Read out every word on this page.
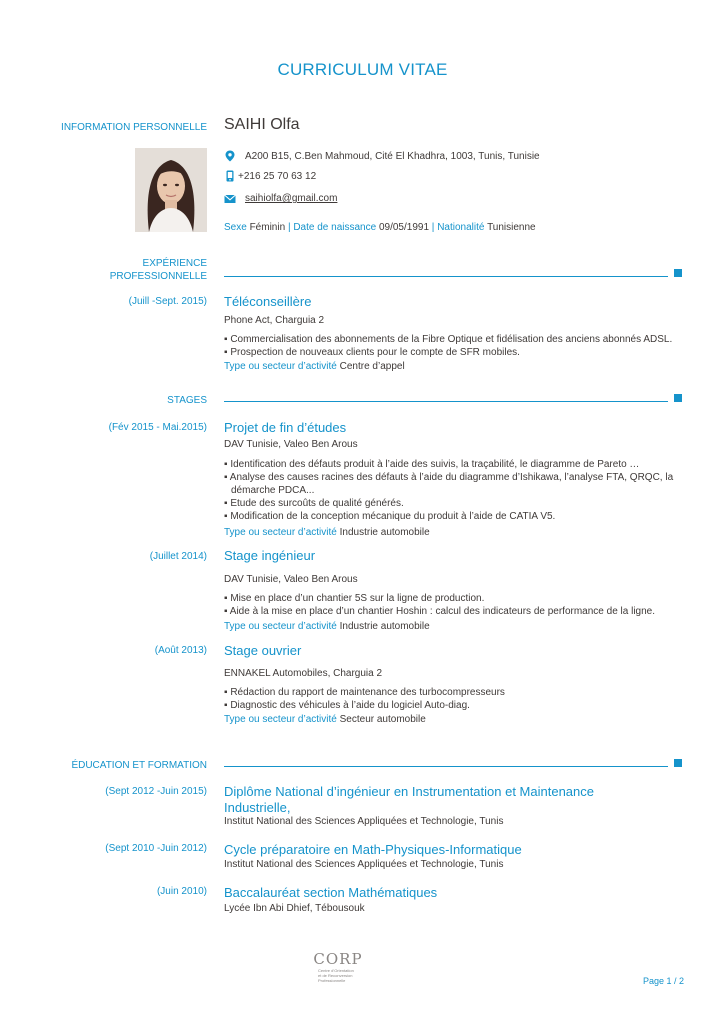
CURRICULUM VITAE
INFORMATION PERSONNELLE SAIHI Olfa
A200 B15, C.Ben Mahmoud, Cité El Khadhra, 1003, Tunis, Tunisie
+216 25 70 63 12
saihiolfa@gmail.com
Sexe Féminin | Date de naissance 09/05/1991 | Nationalité Tunisienne
EXPÉRIENCE
PROFESSIONNELLE
(Juill -Sept. 2015) Téléconseillère
Phone Act, Charguia 2
▪ Commercialisation des abonnements de la Fibre Optique et fidélisation des anciens abonnés ADSL.
▪ Prospection de nouveaux clients pour le compte de SFR mobiles.
Type ou secteur d’activité Centre d’appel
STAGES
(Fév 2015 - Mai.2015) Projet de fin d’études
DAV Tunisie, Valeo Ben Arous
▪ Identification des défauts produit à l’aide des suivis, la traçabilité, le diagramme de Pareto …
▪ Analyse des causes racines des défauts à l’aide du diagramme d’Ishikawa, l’analyse FTA, QRQC, la démarche PDCA...
▪ Etude des surcoûts de qualité générés.
▪ Modification de la conception mécanique du produit à l’aide de CATIA V5.
Type ou secteur d’activité Industrie automobile
(Juillet 2014) Stage ingénieur
DAV Tunisie, Valeo Ben Arous
▪ Mise en place d’un chantier 5S sur la ligne de production.
▪ Aide à la mise en place d’un chantier Hoshin : calcul des indicateurs de performance de la ligne.
Type ou secteur d’activité Industrie automobile
(Août 2013) Stage ouvrier
ENNAKEL Automobiles, Charguia 2
▪ Rédaction du rapport de maintenance des turbocompresseurs
▪ Diagnostic des véhicules à l’aide du logiciel Auto-diag.
Type ou secteur d’activité Secteur automobile
ÉDUCATION ET FORMATION
(Sept 2012 -Juin 2015) Diplôme National d’ingénieur en Instrumentation et Maintenance
Industrielle,
Institut National des Sciences Appliquées et Technologie, Tunis
(Sept 2010 -Juin 2012) Cycle préparatoire en Math-Physiques-Informatique
Institut National des Sciences Appliquées et Technologie, Tunis
(Juin 2010) Baccalauréat section Mathématiques
Lycée Ibn Abi Dhief, Tébousouk
CORP
Centre d’Orientation
et de Reconversion
Professionnelle	Page 1 / 2
